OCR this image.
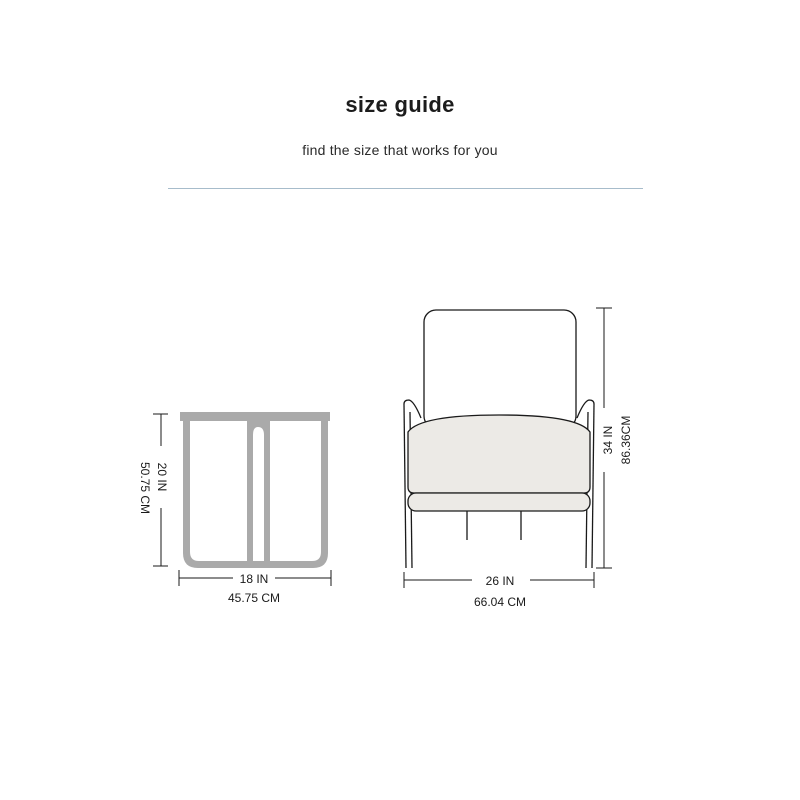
size guide
find the size that works for you
20 IN
50.75 CM
18 IN
45.75 CM
34 IN 86.36CM
26 IN
66.04 CM
